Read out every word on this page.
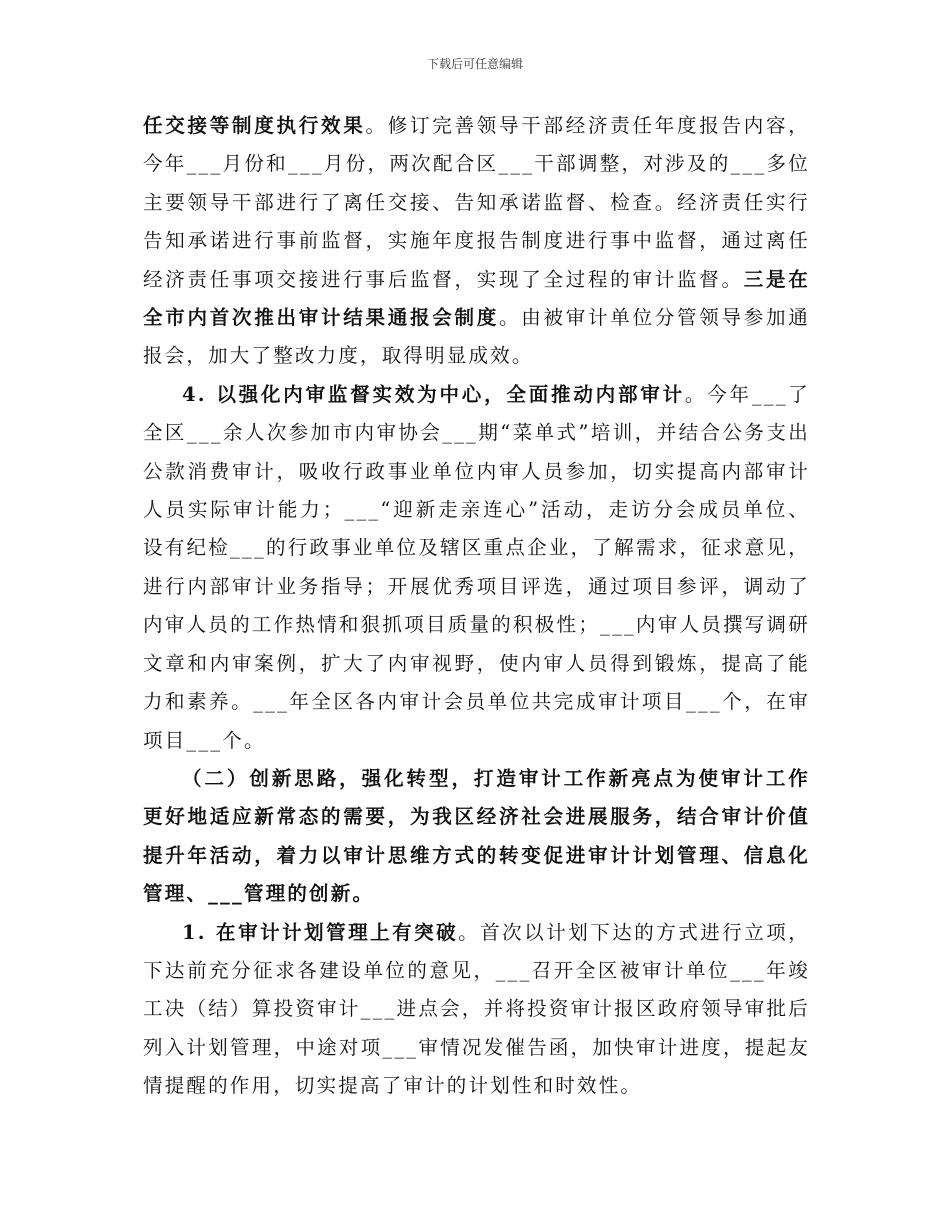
下载后可任意编辑

任交接等制度执行效果。修订完善领导干部经济责任年度报告内容，今年___月份和___月份，两次配合区___干部调整，对涉及的___多位主要领导干部进行了离任交接、告知承诺监督、检查。经济责任实行告知承诺进行事前监督，实施年度报告制度进行事中监督，通过离任经济责任事项交接进行事后监督，实现了全过程的审计监督。三是在全市内首次推出审计结果通报会制度。由被审计单位分管领导参加通报会，加大了整改力度，取得明显成效。

4. 以强化内审监督实效为中心，全面推动内部审计。今年___了全区___余人次参加市内审协会___期“菜单式”培训，并结合公务支出公款消费审计，吸收行政事业单位内审人员参加，切实提高内部审计人员实际审计能力；___“迎新走亲连心”活动，走访分会成员单位、设有纪检___的行政事业单位及辖区重点企业，了解需求，征求意见，进行内部审计业务指导；开展优秀项目评选，通过项目参评，调动了内审人员的工作热情和狠抓项目质量的积极性；___内审人员撰写调研文章和内审案例，扩大了内审视野，使内审人员得到锻炼，提高了能力和素养。___年全区各内审计会员单位共完成审计项目___个，在审项目___个。

（二）创新思路，强化转型，打造审计工作新亮点为使审计工作更好地适应新常态的需要，为我区经济社会进展服务，结合审计价值提升年活动，着力以审计思维方式的转变促进审计计划管理、信息化管理、___管理的创新。

1. 在审计计划管理上有突破。首次以计划下达的方式进行立项，下达前充分征求各建设单位的意见，___召开全区被审计单位___年竣工决（结）算投资审计___进点会，并将投资审计报区政府领导审批后列入计划管理，中途对项___审情况发催告函，加快审计进度，提起友情提醒的作用，切实提高了审计的计划性和时效性。
